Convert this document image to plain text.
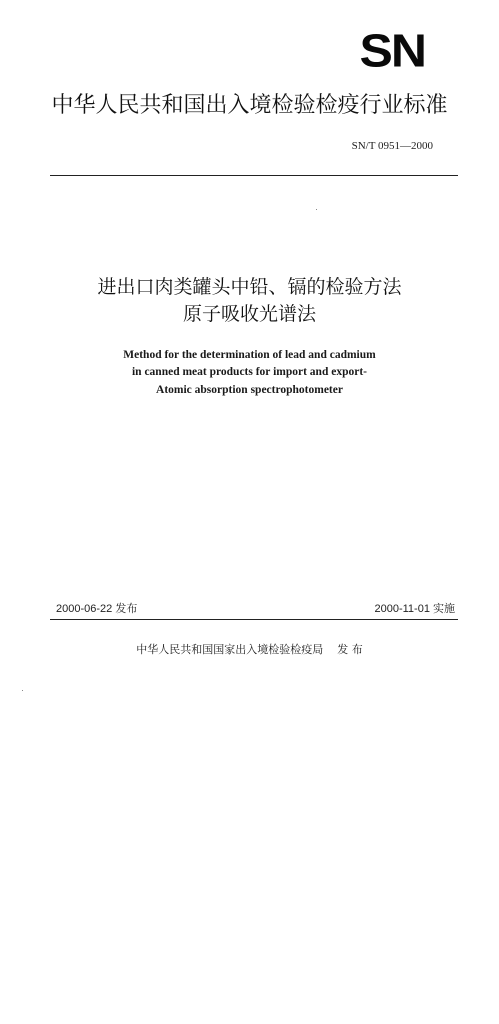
SN
中华人民共和国出入境检验检疫行业标准
SN/T 0951—2000
进出口肉类罐头中铅、镉的检验方法
原子吸收光谱法
Method for the determination of lead and cadmium
in canned meat products for import and export-
Atomic absorption spectrophotometer
2000-06-22 发布	2000-11-01 实施
中华人民共和国国家出入境检验检疫局 发 布
